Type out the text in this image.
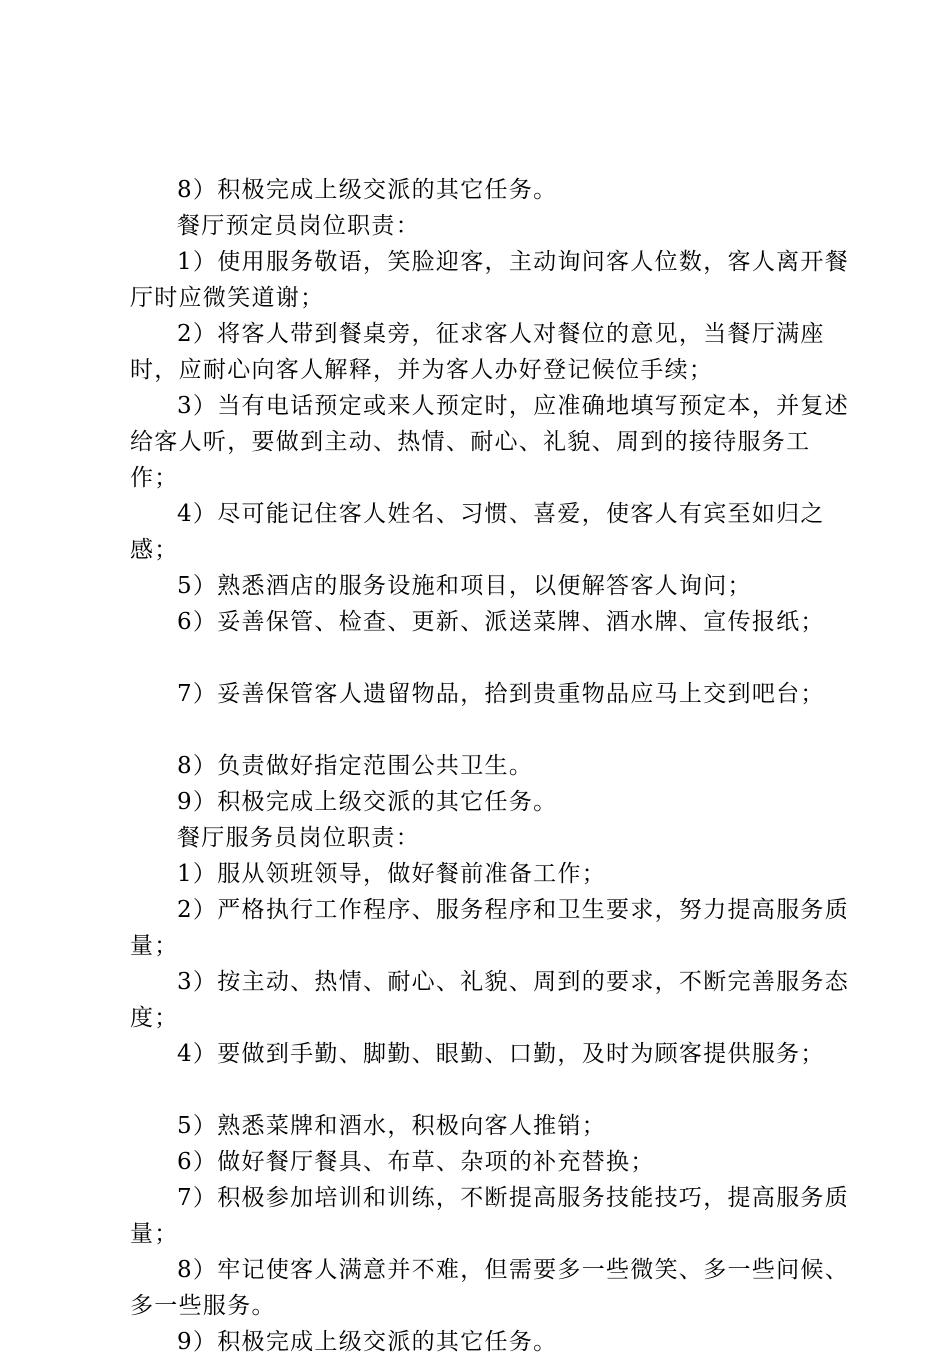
8）积极完成上级交派的其它任务。

餐厅预定员岗位职责：

1）使用服务敬语，笑脸迎客，主动询问客人位数，客人离开餐厅时应微笑道谢；

2）将客人带到餐桌旁，征求客人对餐位的意见，当餐厅满座时，应耐心向客人解释，并为客人办好登记候位手续；

3）当有电话预定或来人预定时，应准确地填写预定本，并复述给客人听，要做到主动、热情、耐心、礼貌、周到的接待服务工作；

4）尽可能记住客人姓名、习惯、喜爱，使客人有宾至如归之感；

5）熟悉酒店的服务设施和项目，以便解答客人询问；

6）妥善保管、检查、更新、派送菜牌、酒水牌、宣传报纸；

7）妥善保管客人遗留物品，拾到贵重物品应马上交到吧台；

8）负责做好指定范围公共卫生。

9）积极完成上级交派的其它任务。

餐厅服务员岗位职责：

1）服从领班领导，做好餐前准备工作；

2）严格执行工作程序、服务程序和卫生要求，努力提高服务质量；

3）按主动、热情、耐心、礼貌、周到的要求，不断完善服务态度；

4）要做到手勤、脚勤、眼勤、口勤，及时为顾客提供服务；

5）熟悉菜牌和酒水，积极向客人推销；

6）做好餐厅餐具、布草、杂项的补充替换；

7）积极参加培训和训练，不断提高服务技能技巧，提高服务质量；

8）牢记使客人满意并不难，但需要多一些微笑、多一些问候、多一些服务。

9）积极完成上级交派的其它任务。
